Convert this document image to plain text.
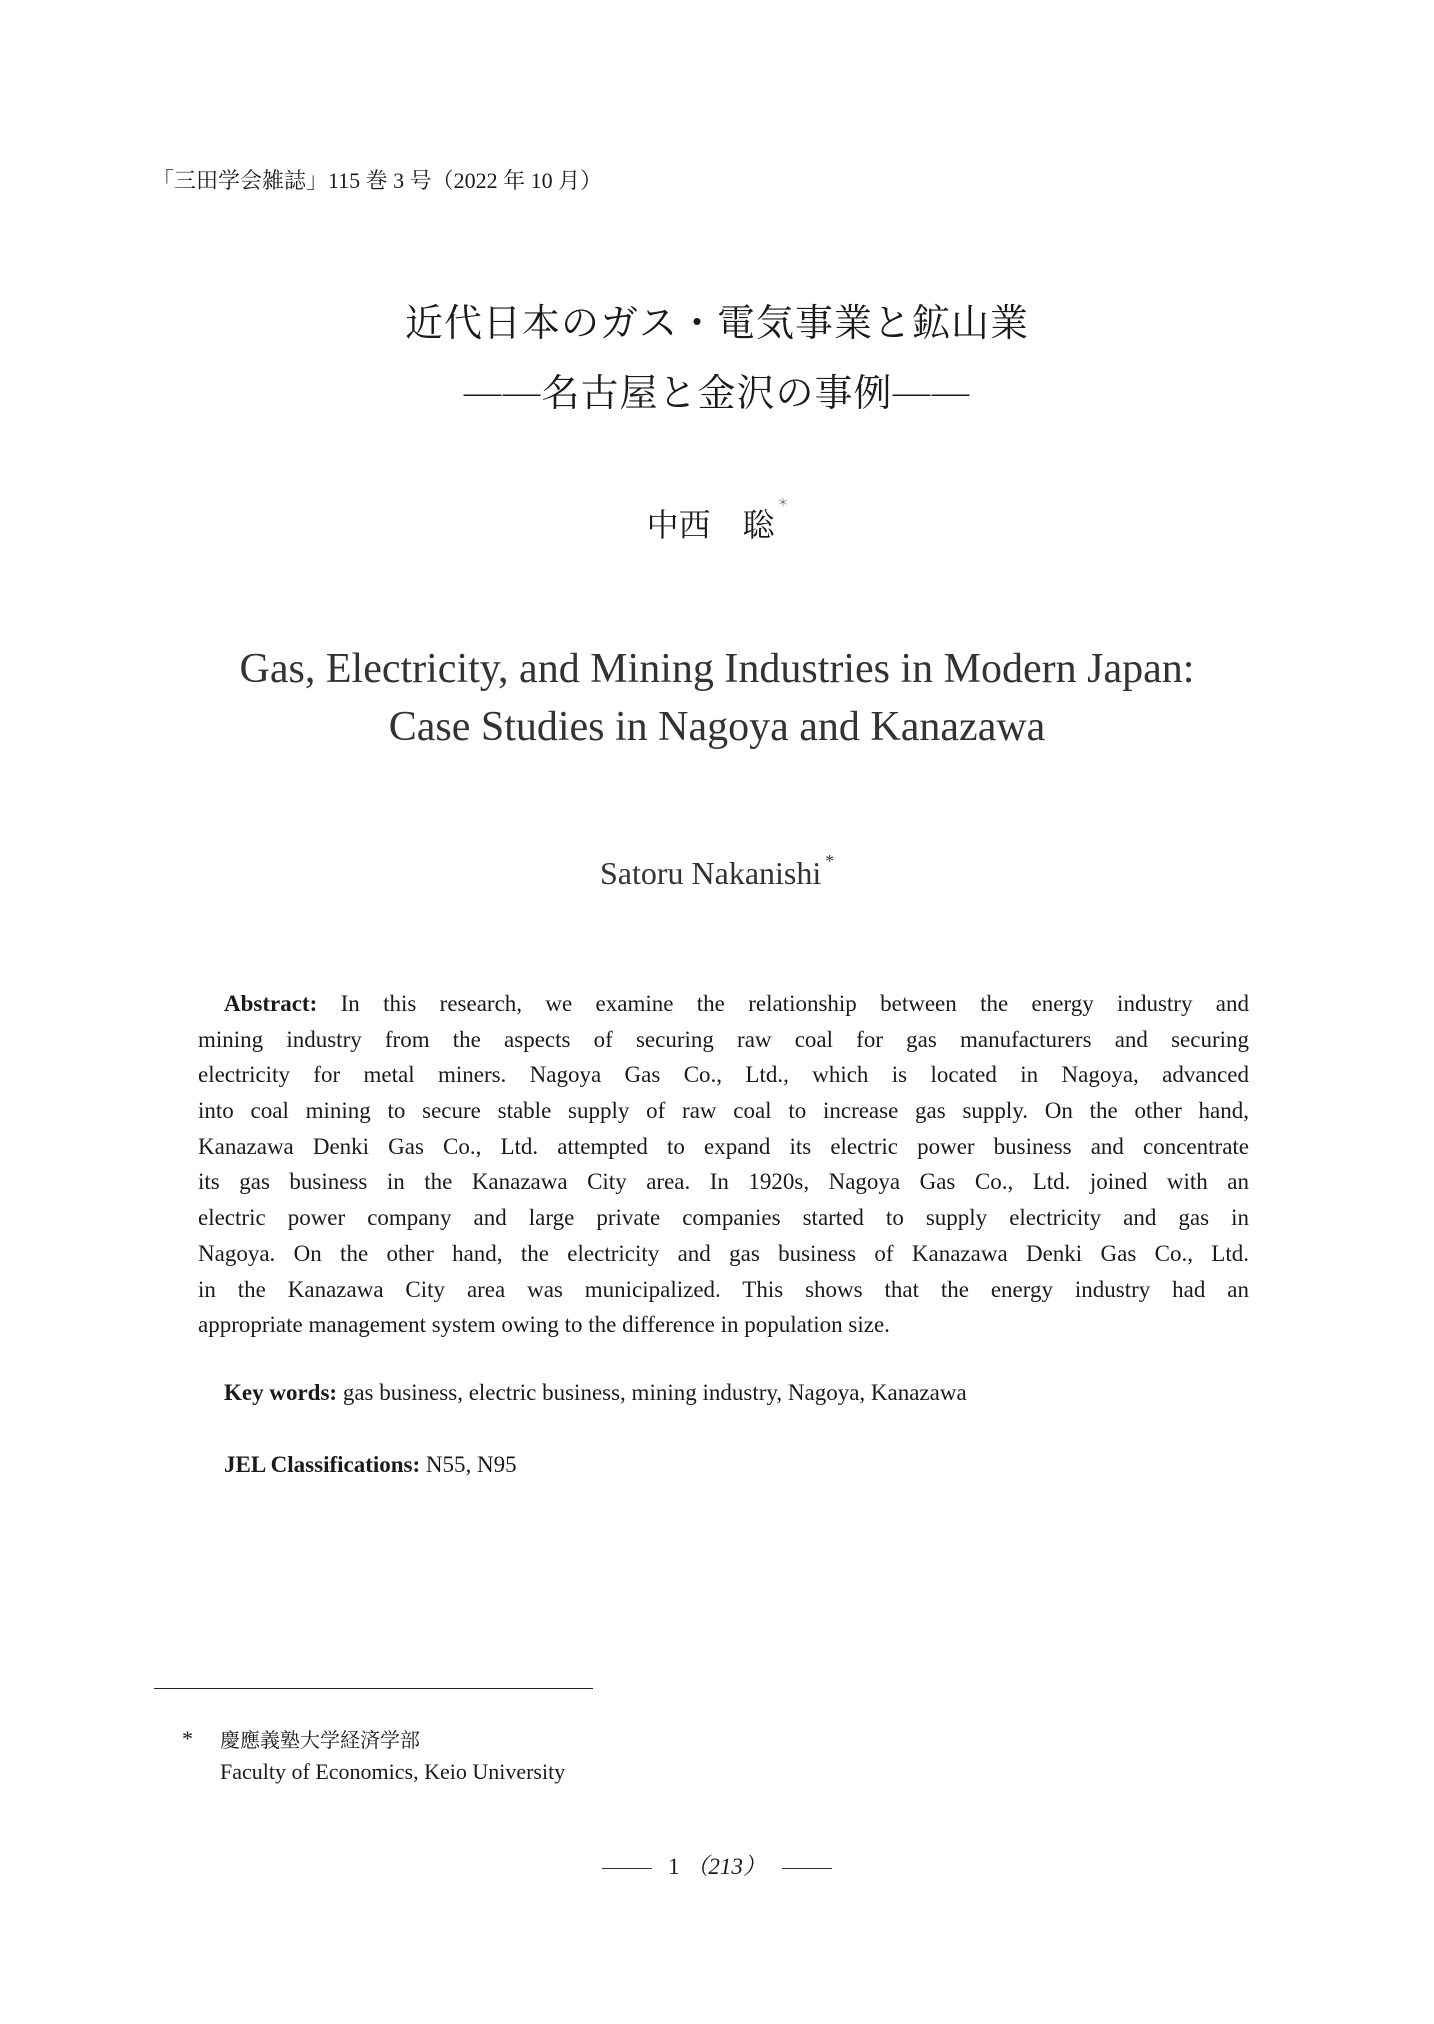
「三田学会雑誌」115 巻 3 号（2022 年 10 月）
近代日本のガス・電気事業と鉱山業
――名古屋と金沢の事例――
中西　聡 *
Gas, Electricity, and Mining Industries in Modern Japan:
Case Studies in Nagoya and Kanazawa
Satoru Nakanishi *
Abstract: In this research, we examine the relationship between the energy industry and
mining industry from the aspects of securing raw coal for gas manufacturers and securing
electricity for metal miners. Nagoya Gas Co., Ltd., which is located in Nagoya, advanced
into coal mining to secure stable supply of raw coal to increase gas supply. On the other hand,
Kanazawa Denki Gas Co., Ltd. attempted to expand its electric power business and concentrate
its gas business in the Kanazawa City area. In 1920s, Nagoya Gas Co., Ltd. joined with an
electric power company and large private companies started to supply electricity and gas in
Nagoya. On the other hand, the electricity and gas business of Kanazawa Denki Gas Co., Ltd.
in the Kanazawa City area was municipalized. This shows that the energy industry had an
appropriate management system owing to the difference in population size.
Key words: gas business, electric business, mining industry, Nagoya, Kanazawa
JEL Classifications: N55, N95
* 慶應義塾大学経済学部
Faculty of Economics, Keio University
1 （213）
